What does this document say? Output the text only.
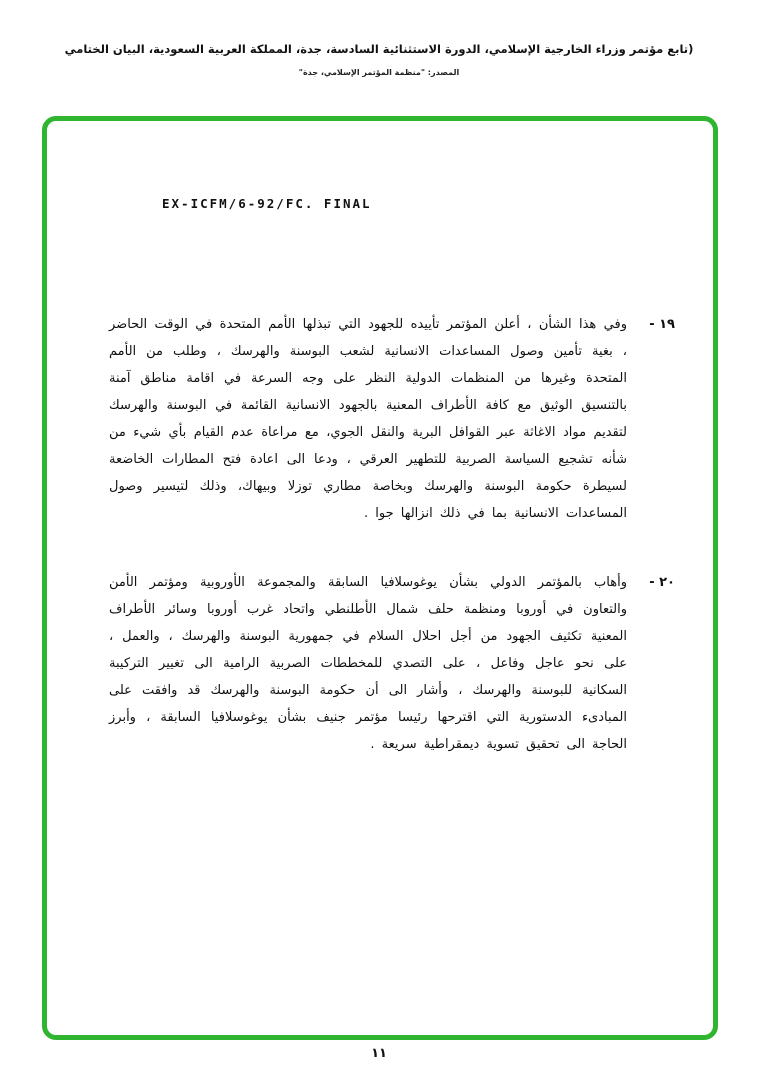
(تابع مؤتمر وزراء الخارجية الإسلامي، الدورة الاستثنائية السادسة، جدة، المملكة العربية السعودية، البيان الختامي
المصدر: "منظمة المؤتمر الإسلامي، جدة"
EX-ICFM/6-92/FC. FINAL
١٩ -
وفي هذا الشأن ، أعلن المؤتمر تأييده للجهود التي تبذلها الأمم المتحدة في الوقت الحاضر ، بغية تأمين وصول المساعدات الانسانية لشعب البوسنة والهرسك ، وطلب من الأمم المتحدة وغيرها من المنظمات الدولية النظر على وجه السرعة في اقامة مناطق آمنة بالتنسيق الوثيق مع كافة الأطراف المعنية بالجهود الانسانية القائمة في البوسنة والهرسك لتقديم مواد الاغاثة عبر القوافل البرية والنقل الجوي، مع مراعاة عدم القيام بأي شيء من شأنه تشجيع السياسة الصربية للتطهير العرقي ، ودعا الى اعادة فتح المطارات الخاضعة لسيطرة حكومة البوسنة والهرسك وبخاصة مطاري توزلا وبيهاك، وذلك لتيسير وصول المساعدات الانسانية بما في ذلك انزالها جوا .
٢٠ -
وأهاب بالمؤتمر الدولي بشأن يوغوسلافيا السابقة والمجموعة الأوروبية ومؤتمر الأمن والتعاون في أوروبا ومنظمة حلف شمال الأطلنطي واتحاد غرب أوروبا وسائر الأطراف المعنية تكثيف الجهود من أجل احلال السلام في جمهورية البوسنة والهرسك ، والعمل ، على نحو عاجل وفاعل ، على التصدي للمخططات الصربية الرامية الى تغيير التركيبة السكانية للبوسنة والهرسك ، وأشار الى أن حكومة البوسنة والهرسك قد وافقت على المبادىء الدستورية التي اقترحها رئيسا مؤتمر جنيف بشأن يوغوسلافيا السابقة ، وأبرز الحاجة الى تحقيق تسوية ديمقراطية سريعة .
١١
